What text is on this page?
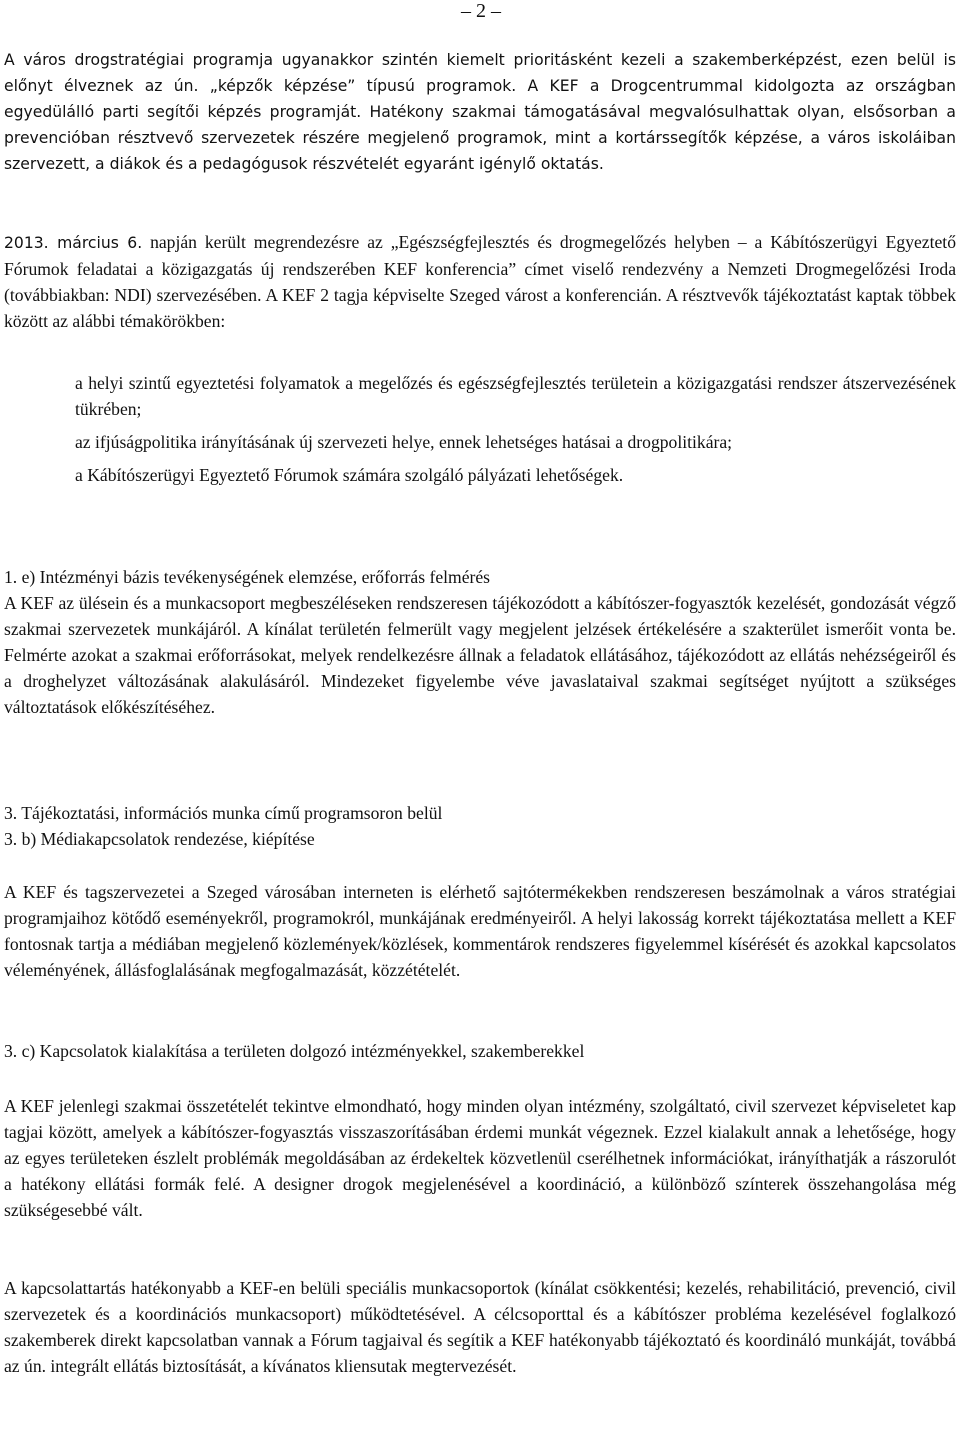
– 2 –

A város drogstratégiai programja ugyanakkor szintén kiemelt prioritásként kezeli a szakemberképzést, ezen belül is előnyt élveznek az ún. „képzők képzése” típusú programok. A KEF a Drogcentrummal kidolgozta az országban egyedülálló parti segítői képzés programját. Hatékony szakmai támogatásával megvalósulhattak olyan, elsősorban a prevencióban résztvevő szervezetek részére megjelenő programok, mint a kortárssegítők képzése, a város iskoláiban szervezett, a diákok és a pedagógusok részvételét egyaránt igénylő oktatás.

2013. március 6. napján került megrendezésre az „Egészségfejlesztés és drogmegelőzés helyben – a Kábítószerügyi Egyeztető Fórumok feladatai a közigazgatás új rendszerében KEF konferencia” címet viselő rendezvény a Nemzeti Drogmegelőzési Iroda (továbbiakban: NDI) szervezésében. A KEF 2 tagja képviselte Szeged várost a konferencián. A résztvevők tájékoztatást kaptak többek között az alábbi témakörökben:

a helyi szintű egyeztetési folyamatok a megelőzés és egészségfejlesztés területein a közigazgatási rendszer átszervezésének tükrében;

az ifjúságpolitika irányításának új szervezeti helye, ennek lehetséges hatásai a drogpolitikára;

a Kábítószerügyi Egyeztető Fórumok számára szolgáló pályázati lehetőségek.

1. e) Intézményi bázis tevékenységének elemzése, erőforrás felmérés

A KEF az ülésein és a munkacsoport megbeszéléseken rendszeresen tájékozódott a kábítószer-fogyasztók kezelését, gondozását végző szakmai szervezetek munkájáról. A kínálat területén felmerült vagy megjelent jelzések értékelésére a szakterület ismerőit vonta be. Felmérte azokat a szakmai erőforrásokat, melyek rendelkezésre állnak a feladatok ellátásához, tájékozódott az ellátás nehézségeiről és a droghelyzet változásának alakulásáról. Mindezeket figyelembe véve javaslataival szakmai segítséget nyújtott a szükséges változtatások előkészítéséhez.

3. Tájékoztatási, információs munka című programsoron belül

3. b) Médiakapcsolatok rendezése, kiépítése

A KEF és tagszervezetei a Szeged városában interneten is elérhető sajtótermékekben rendszeresen beszámolnak a város stratégiai programjaihoz kötődő eseményekről, programokról, munkájának eredményeiről. A helyi lakosság korrekt tájékoztatása mellett a KEF fontosnak tartja a médiában megjelenő közlemények/közlések, kommentárok rendszeres figyelemmel kísérését és azokkal kapcsolatos véleményének, állásfoglalásának megfogalmazását, közzétételét.

3. c) Kapcsolatok kialakítása a területen dolgozó intézményekkel, szakemberekkel

A KEF jelenlegi szakmai összetételét tekintve elmondható, hogy minden olyan intézmény, szolgáltató, civil szervezet képviseletet kap tagjai között, amelyek a kábítószer-fogyasztás visszaszorításában érdemi munkát végeznek. Ezzel kialakult annak a lehetősége, hogy az egyes területeken észlelt problémák megoldásában az érdekeltek közvetlenül cserélhetnek információkat, irányíthatják a rászorulót a hatékony ellátási formák felé. A designer drogok megjelenésével a koordináció, a különböző színterek összehangolása még szükségesebbé vált.

A kapcsolattartás hatékonyabb a KEF-en belüli speciális munkacsoportok (kínálat csökkentési; kezelés, rehabilitáció, prevenció, civil szervezetek és a koordinációs munkacsoport) működtetésével. A célcsoporttal és a kábítószer probléma kezelésével foglalkozó szakemberek direkt kapcsolatban vannak a Fórum tagjaival és segítik a KEF hatékonyabb tájékoztató és koordináló munkáját, továbbá az ún. integrált ellátás biztosítását, a kívánatos kliensutak megtervezését.
